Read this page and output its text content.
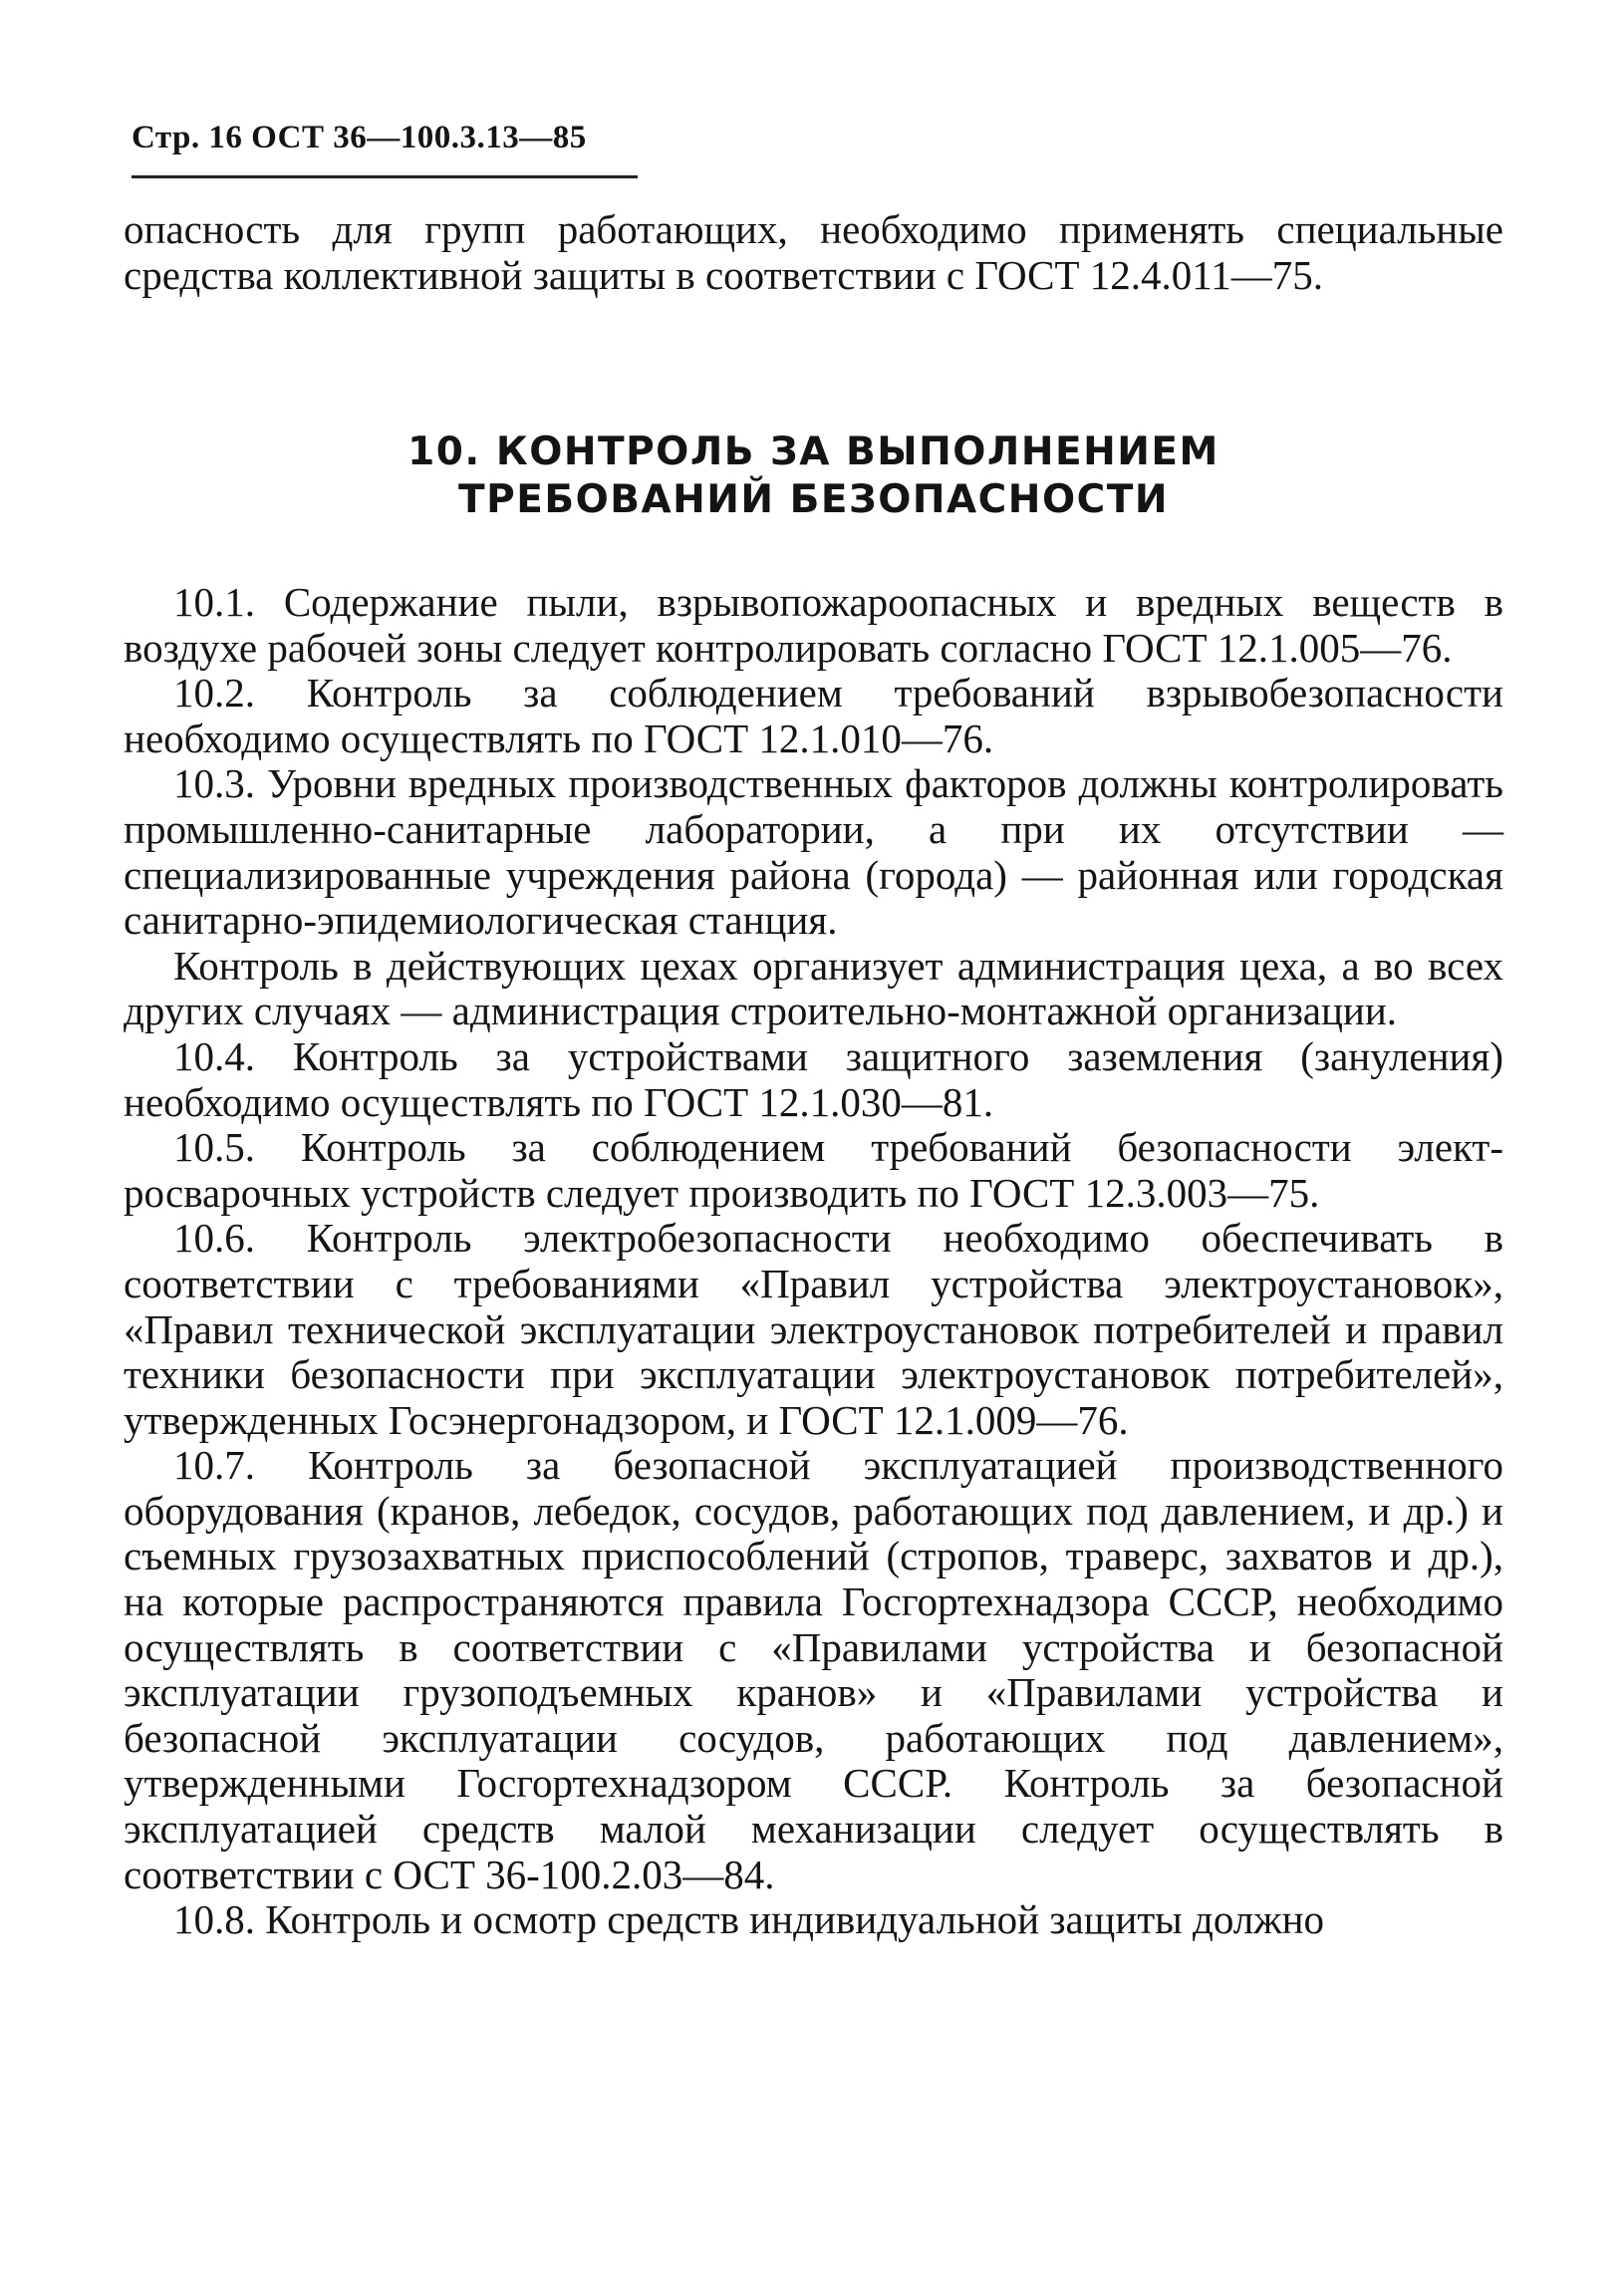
Стр. 16 ОСТ 36—100.3.13—85
опасность для групп работающих, необходимо применять специальные средства коллективной защиты в соответствии с ГОСТ 12.4.011—75.
10. КОНТРОЛЬ ЗА ВЫПОЛНЕНИЕМ
ТРЕБОВАНИЙ БЕЗОПАСНОСТИ

10.1. Содержание пыли, взрывопожароопасных и вредных веществ в воздухе рабочей зоны следует контролировать согласно ГОСТ 12.1.005—76.

10.2. Контроль за соблюдением требований взрывобезопасности необходимо осуществлять по ГОСТ 12.1.010—76.

10.3. Уровни вредных производственных факторов должны контролировать промышленно-санитарные лаборатории, а при их отсутствии — специализированные учреждения района (города) — районная или городская санитарно-эпидемиологическая станция.

Контроль в действующих цехах организует администрация цеха, а во всех других случаях — администрация строительно-монтажной организации.

10.4. Контроль за устройствами защитного заземления (зануления) необходимо осуществлять по ГОСТ 12.1.030—81.

10.5. Контроль за соблюдением требований безопасности электросварочных устройств следует производить по ГОСТ 12.3.003—75.

10.6. Контроль электробезопасности необходимо обеспечивать в соответствии с требованиями «Правил устройства электроустановок», «Правил технической эксплуатации электроустановок потребителей и правил техники безопасности при эксплуатации электроустановок потребителей», утвержденных Госэнергонадзором, и ГОСТ 12.1.009—76.

10.7. Контроль за безопасной эксплуатацией производственного оборудования (кранов, лебедок, сосудов, работающих под давлением, и др.) и съемных грузозахватных приспособлений (стропов, траверс, захватов и др.), на которые распространяются правила Госгортехнадзора СССР, необходимо осуществлять в соответствии с «Правилами устройства и безопасной эксплуатации грузоподъемных кранов» и «Правилами устройства и безопасной эксплуатации сосудов, работающих под давлением», утвержденными Госгортехнадзором СССР. Контроль за безопасной эксплуатацией средств малой механизации следует осуществлять в соответствии с ОСТ 36-100.2.03—84.

10.8. Контроль и осмотр средств индивидуальной защиты должно
